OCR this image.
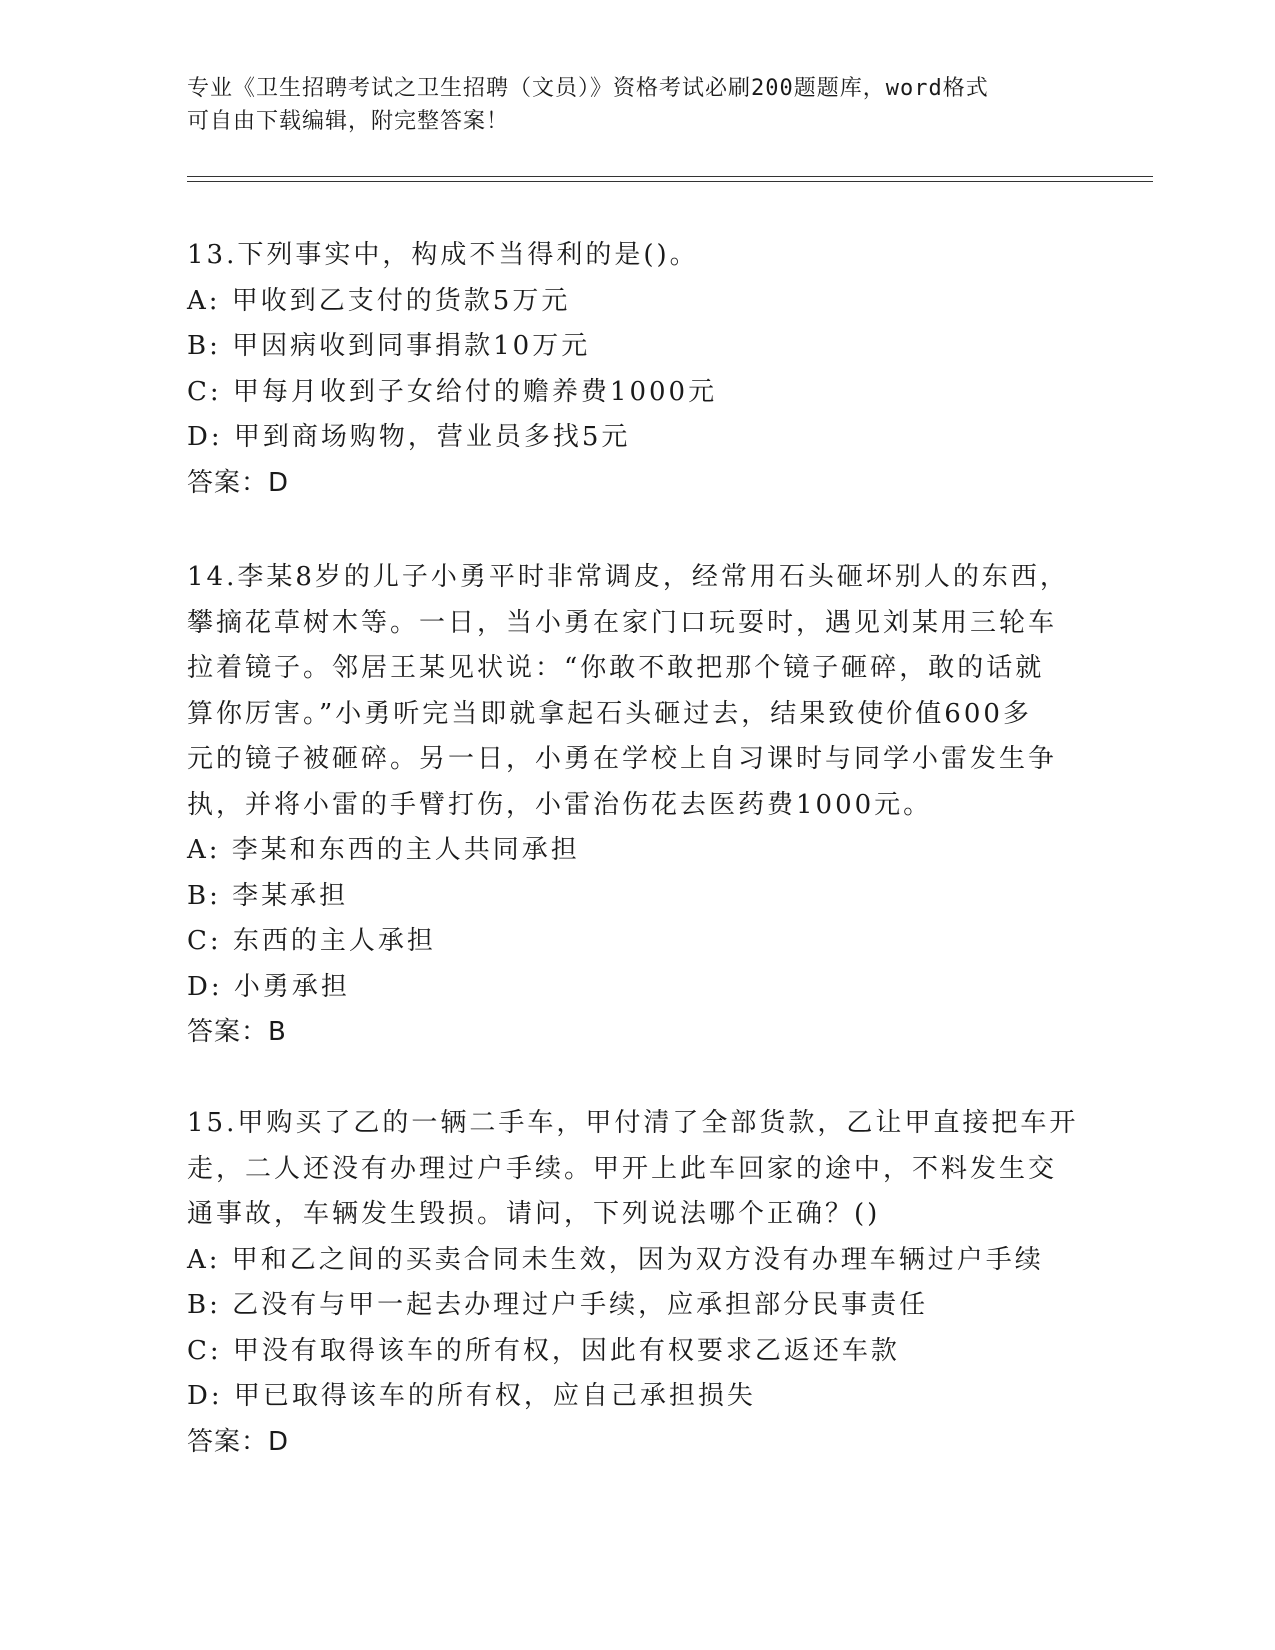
专业《卫生招聘考试之卫生招聘（文员）》资格考试必刷200题题库，word格式
可自由下载编辑，附完整答案！

13.下列事实中，构成不当得利的是()。

A: 甲收到乙支付的货款5万元

B: 甲因病收到同事捐款10万元

C: 甲每月收到子女给付的赡养费1000元

D: 甲到商场购物，营业员多找5元

答案：D

14.李某8岁的儿子小勇平时非常调皮，经常用石头砸坏别人的东西，

攀摘花草树木等。一日，当小勇在家门口玩耍时，遇见刘某用三轮车

拉着镜子。邻居王某见状说：“你敢不敢把那个镜子砸碎，敢的话就

算你厉害。”小勇听完当即就拿起石头砸过去，结果致使价值600多

元的镜子被砸碎。另一日，小勇在学校上自习课时与同学小雷发生争

执，并将小雷的手臂打伤，小雷治伤花去医药费1000元。

A: 李某和东西的主人共同承担

B: 李某承担

C: 东西的主人承担

D: 小勇承担

答案：B

15.甲购买了乙的一辆二手车，甲付清了全部货款，乙让甲直接把车开

走，二人还没有办理过户手续。甲开上此车回家的途中，不料发生交

通事故，车辆发生毁损。请问，下列说法哪个正确？()

A: 甲和乙之间的买卖合同未生效，因为双方没有办理车辆过户手续

B: 乙没有与甲一起去办理过户手续，应承担部分民事责任

C: 甲没有取得该车的所有权，因此有权要求乙返还车款

D: 甲已取得该车的所有权，应自己承担损失

答案：D
